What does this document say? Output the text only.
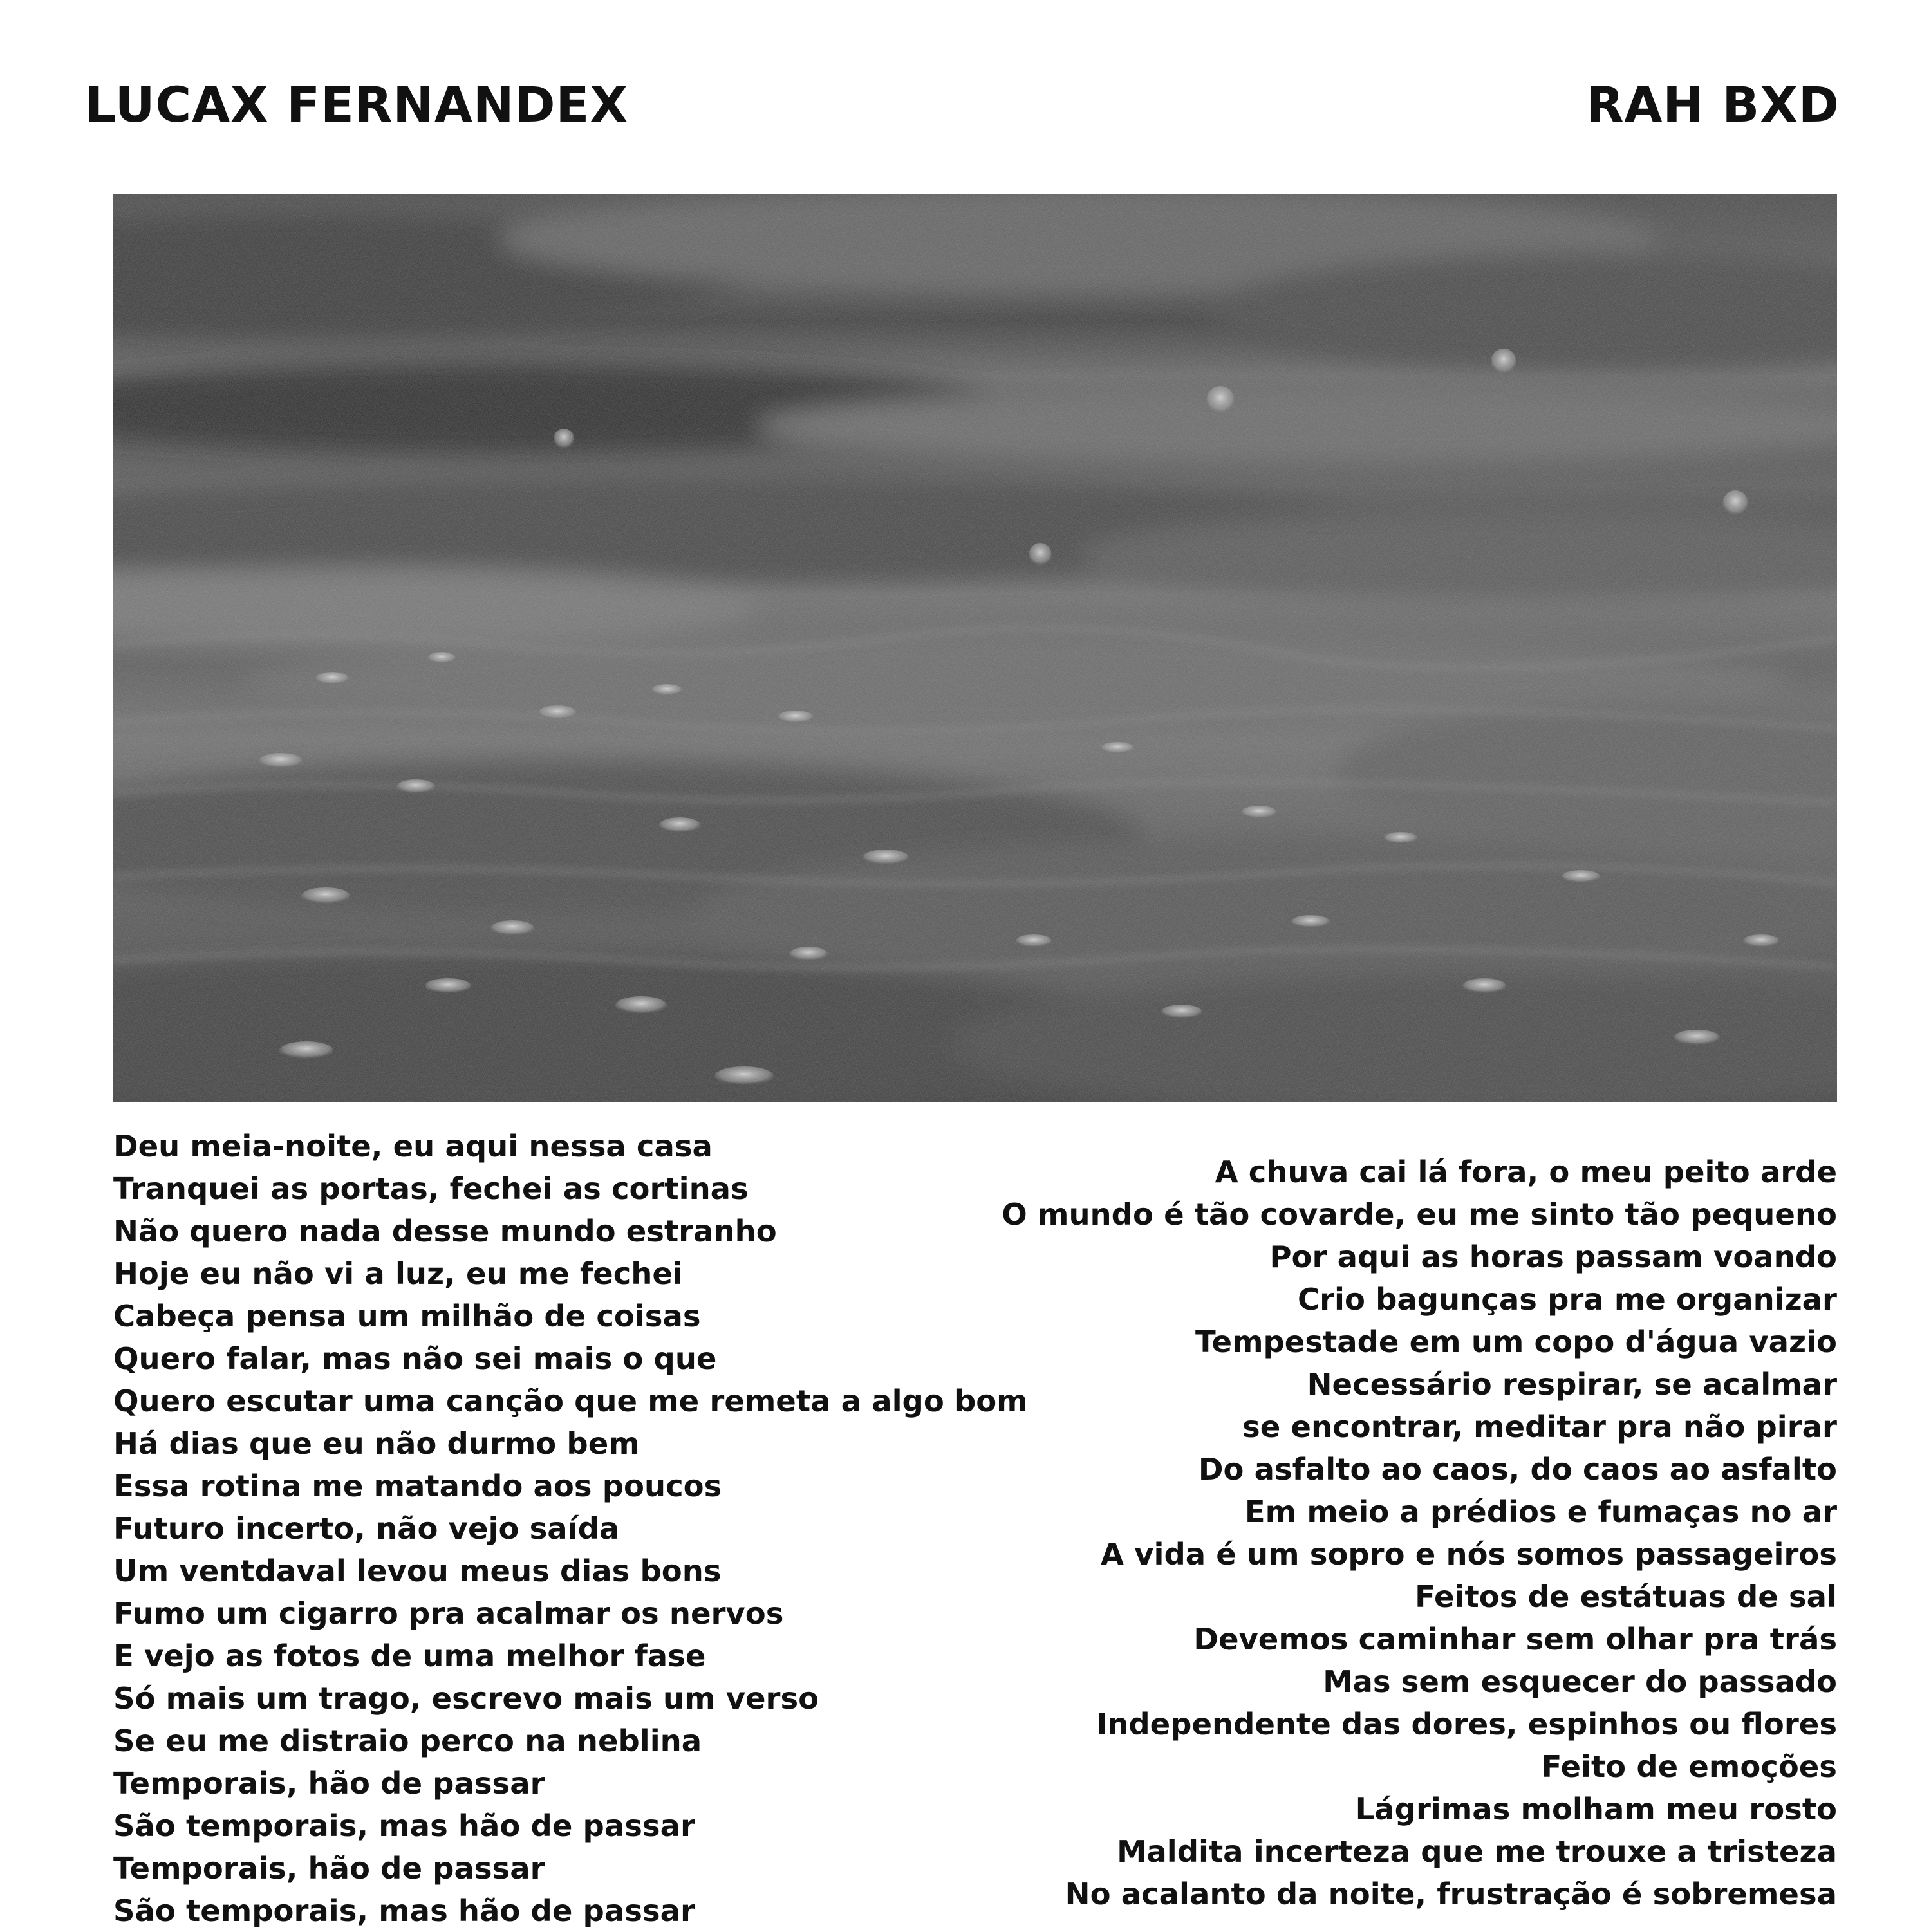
LUCAX FERNANDEX	RAH BXD
Deu meia-noite, eu aqui nessa casa
Tranquei as portas, fechei as cortinas
Não quero nada desse mundo estranho
Hoje eu não vi a luz, eu me fechei
Cabeça pensa um milhão de coisas
Quero falar, mas não sei mais o que
Quero escutar uma canção que me remeta a algo bom
Há dias que eu não durmo bem
Essa rotina me matando aos poucos
Futuro incerto, não vejo saída
Um ventdaval levou meus dias bons
Fumo um cigarro pra acalmar os nervos
E vejo as fotos de uma melhor fase
Só mais um trago, escrevo mais um verso
Se eu me distraio perco na neblina
Temporais, hão de passar
São temporais, mas hão de passar
Temporais, hão de passar
São temporais, mas hão de passar
A chuva cai lá fora, o meu peito arde
O mundo é tão covarde, eu me sinto tão pequeno
Por aqui as horas passam voando
Crio bagunças pra me organizar
Tempestade em um copo d'água vazio
Necessário respirar, se acalmar
se encontrar, meditar pra não pirar
Do asfalto ao caos, do caos ao asfalto
Em meio a prédios e fumaças no ar
A vida é um sopro e nós somos passageiros
Feitos de estátuas de sal
Devemos caminhar sem olhar pra trás
Mas sem esquecer do passado
Independente das dores, espinhos ou flores
Feito de emoções
Lágrimas molham meu rosto
Maldita incerteza que me trouxe a tristeza
No acalanto da noite, frustração é sobremesa
